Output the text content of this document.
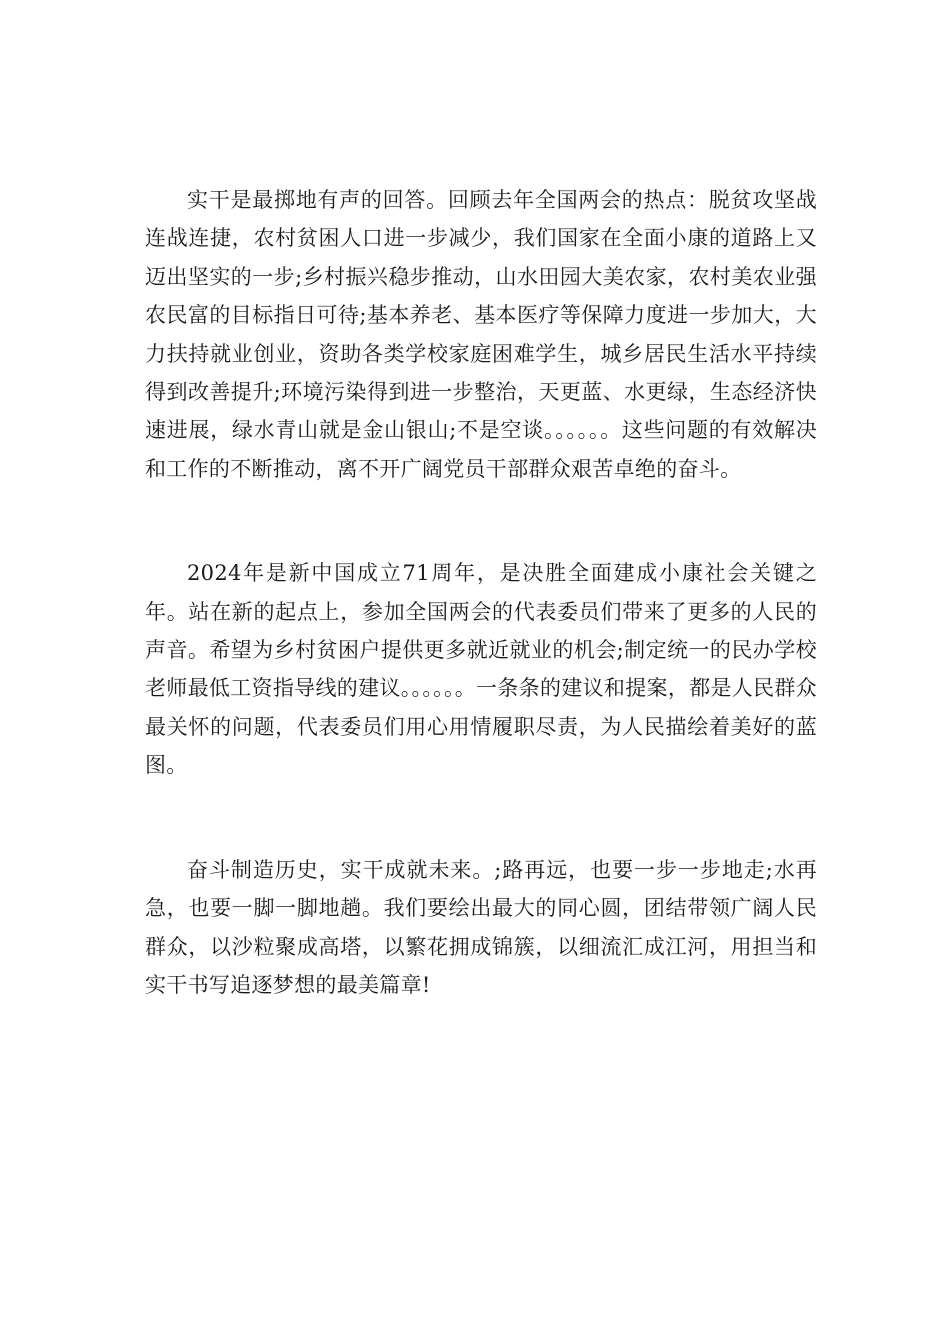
实干是最掷地有声的回答。回顾去年全国两会的热点：脱贫攻坚战连战连捷，农村贫困人口进一步减少，我们国家在全面小康的道路上又迈出坚实的一步;乡村振兴稳步推动，山水田园大美农家，农村美农业强农民富的目标指日可待;基本养老、基本医疗等保障力度进一步加大，大力扶持就业创业，资助各类学校家庭困难学生，城乡居民生活水平持续得到改善提升;环境污染得到进一步整治，天更蓝、水更绿，生态经济快速进展，绿水青山就是金山银山;不是空谈。。。。。。这些问题的有效解决和工作的不断推动，离不开广阔党员干部群众艰苦卓绝的奋斗。

2024年是新中国成立71周年，是决胜全面建成小康社会关键之年。站在新的起点上，参加全国两会的代表委员们带来了更多的人民的声音。希望为乡村贫困户提供更多就近就业的机会;制定统一的民办学校老师最低工资指导线的建议。。。。。。一条条的建议和提案，都是人民群众最关怀的问题，代表委员们用心用情履职尽责，为人民描绘着美好的蓝图。

奋斗制造历史，实干成就未来。;路再远，也要一步一步地走;水再急，也要一脚一脚地趟。我们要绘出最大的同心圆，团结带领广阔人民群众，以沙粒聚成高塔，以繁花拥成锦簇，以细流汇成江河，用担当和实干书写追逐梦想的最美篇章!
